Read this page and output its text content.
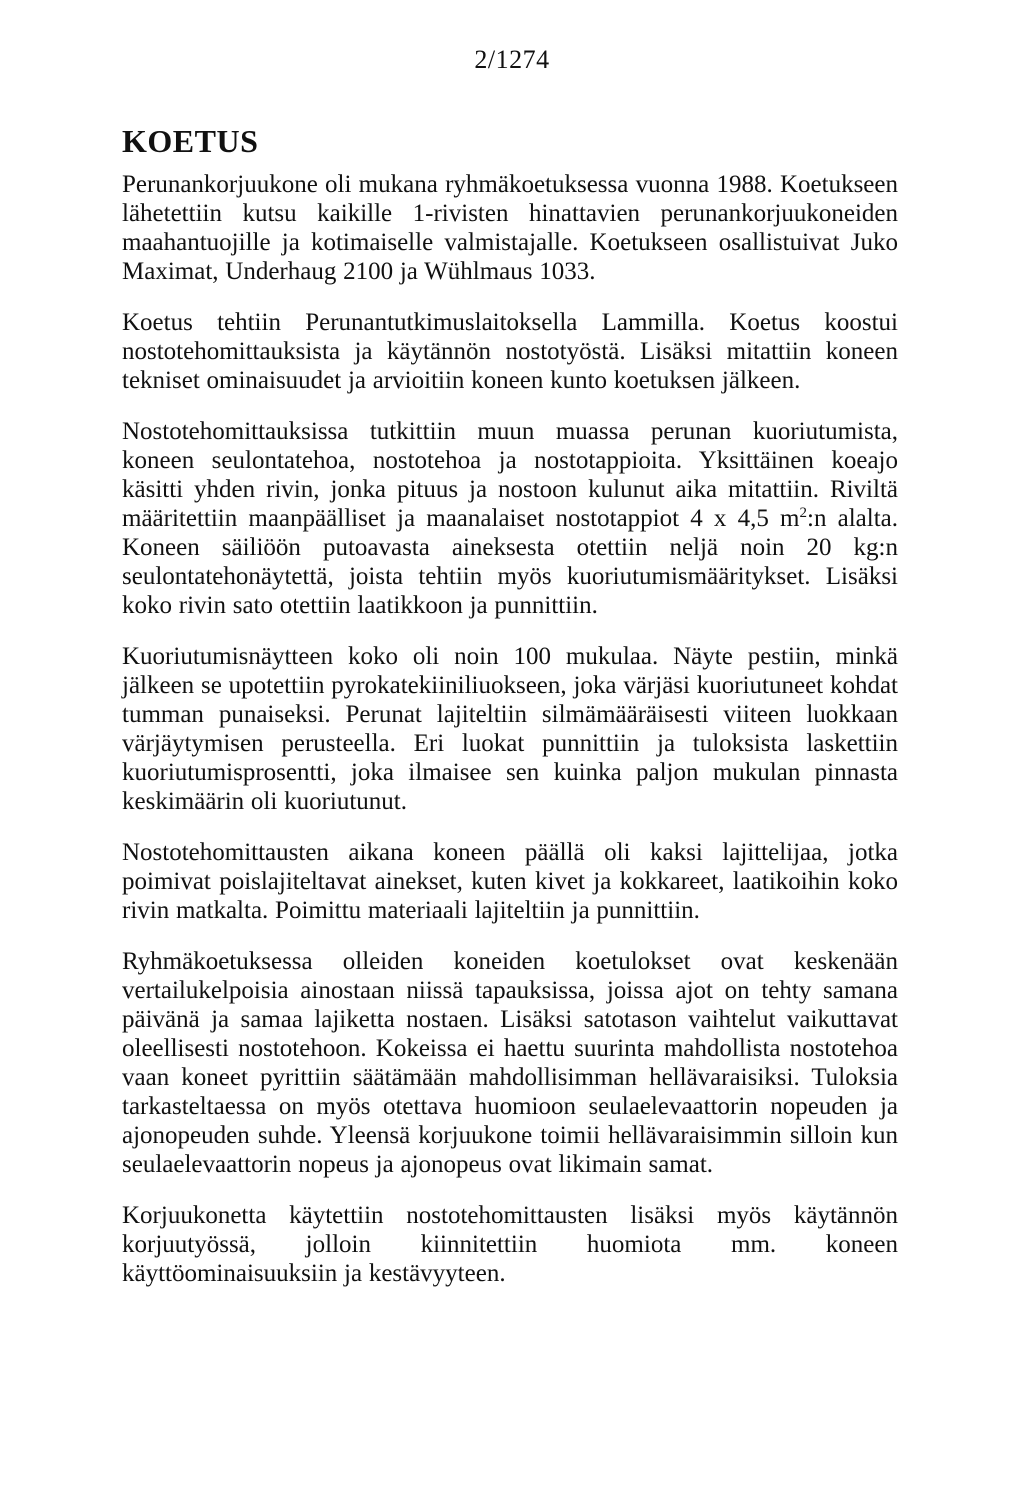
2/1274
KOETUS

Perunankorjuukone oli mukana ryhmäkoetuksessa vuonna 1988. Koetukseen lähetettiin kutsu kaikille 1-rivisten hinattavien perunankorjuukoneiden maahantuojille ja kotimaiselle valmistajalle. Koetukseen osallistuivat Juko Maximat, Underhaug 2100 ja Wühlmaus 1033.

Koetus tehtiin Perunantutkimuslaitoksella Lammilla. Koetus koostui nostotehomittauksista ja käytännön nostotyöstä. Lisäksi mitattiin koneen tekniset ominaisuudet ja arvioitiin koneen kunto koetuksen jälkeen.

Nostotehomittauksissa tutkittiin muun muassa perunan kuoriutumista, koneen seulontatehoa, nostotehoa ja nostotappioita. Yksittäinen koeajo käsitti yhden rivin, jonka pituus ja nostoon kulunut aika mitattiin. Riviltä määritettiin maanpäälliset ja maanalaiset nostotappiot 4 x 4,5 $m^2:n$ alalta. Koneen säiliöön putoavasta aineksesta otettiin neljä noin 20 kg:n seulontatehonäytettä, joista tehtiin myös kuoriutumismääritykset. Lisäksi koko rivin sato otettiin laatikkoon ja punnittiin.

Kuoriutumisnäytteen koko oli noin 100 mukulaa. Näyte pestiin, minkä jälkeen se upotettiin pyrokatekiiniliuokseen, joka värjäsi kuoriutuneet kohdat tumman punaiseksi. Perunat lajiteltiin silmämääräisesti viiteen luokkaan värjäytymisen perusteella. Eri luokat punnittiin ja tuloksista laskettiin kuoriutumisprosentti, joka ilmaisee sen kuinka paljon mukulan pinnasta keskimäärin oli kuoriutunut.

Nostotehomittausten aikana koneen päällä oli kaksi lajittelijaa, jotka poimivat poislajiteltavat ainekset, kuten kivet ja kokkareet, laatikoihin koko rivin matkalta. Poimittu materiaali lajiteltiin ja punnittiin.

Ryhmäkoetuksessa olleiden koneiden koetulokset ovat keskenään vertailukelpoisia ainostaan niissä tapauksissa, joissa ajot on tehty samana päivänä ja samaa lajiketta nostaen. Lisäksi satotason vaihtelut vaikuttavat oleellisesti nostotehoon. Kokeissa ei haettu suurinta mahdollista nostotehoa vaan koneet pyrittiin säätämään mahdollisimman hellävaraisiksi. Tuloksia tarkasteltaessa on myös otettava huomioon seulaelevaattorin nopeuden ja ajonopeuden suhde. Yleensä korjuukone toimii hellävaraisimmin silloin kun seulaelevaattorin nopeus ja ajonopeus ovat likimain samat.

Korjuukonetta käytettiin nostotehomittausten lisäksi myös käytännön korjuutyössä, jolloin kiinnitettiin huomiota mm. koneen käyttöominaisuuksiin ja kestävyyteen.
